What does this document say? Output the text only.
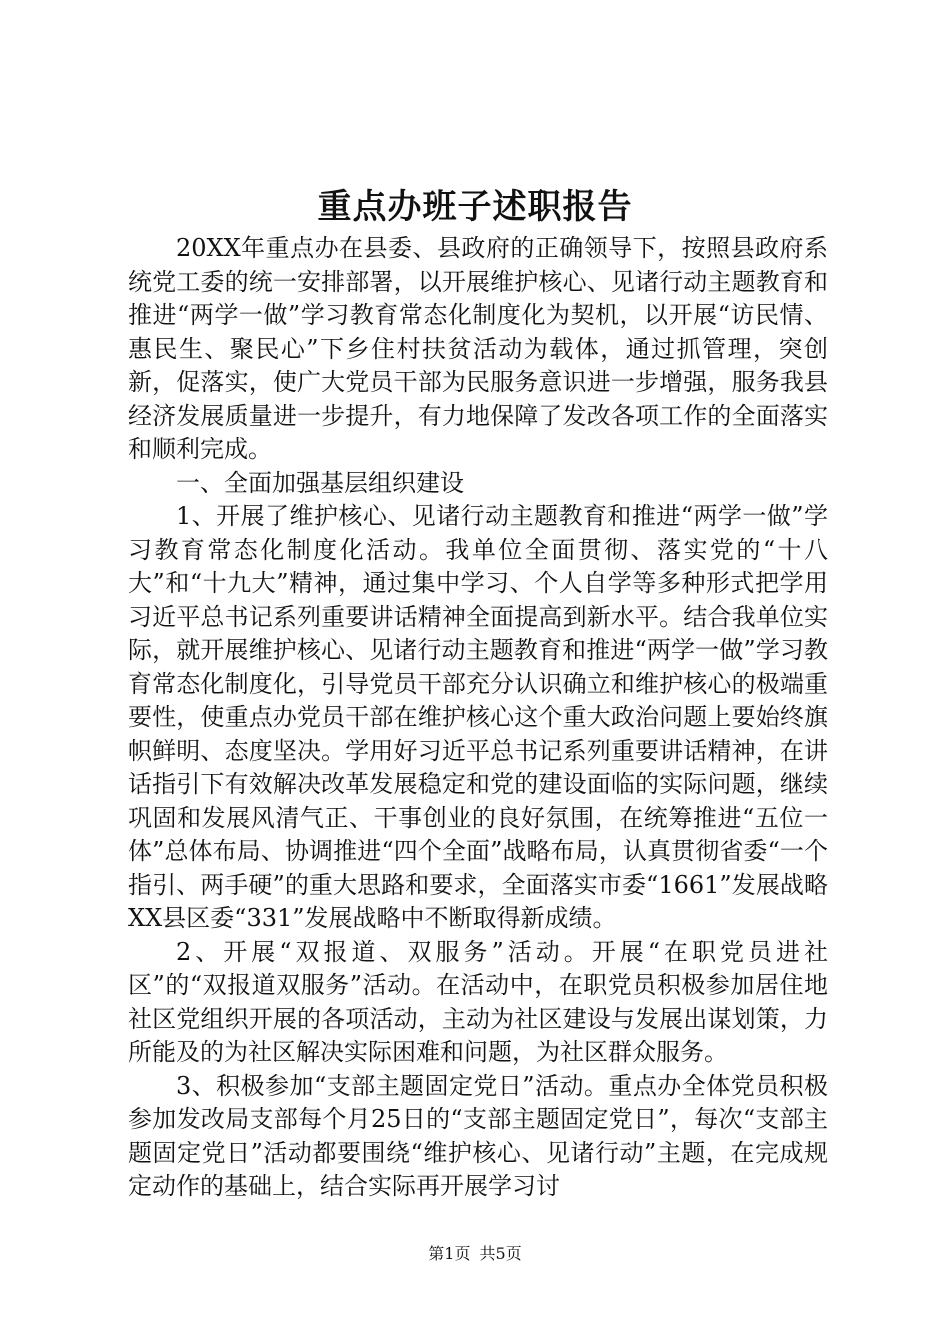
重点办班子述职报告

20XX年重点办在县委、县政府的正确领导下，按照县政府系统党工委的统一安排部署，以开展维护核心、见诸行动主题教育和推进“两学一做”学习教育常态化制度化为契机，以开展“访民情、惠民生、聚民心”下乡住村扶贫活动为载体，通过抓管理，突创新，促落实，使广大党员干部为民服务意识进一步增强，服务我县经济发展质量进一步提升，有力地保障了发改各项工作的全面落实和顺利完成。

一、全面加强基层组织建设

1、开展了维护核心、见诸行动主题教育和推进“两学一做”学习教育常态化制度化活动。我单位全面贯彻、落实党的“十八大”和“十九大”精神，通过集中学习、个人自学等多种形式把学用习近平总书记系列重要讲话精神全面提高到新水平。结合我单位实际，就开展维护核心、见诸行动主题教育和推进“两学一做”学习教育常态化制度化，引导党员干部充分认识确立和维护核心的极端重要性，使重点办党员干部在维护核心这个重大政治问题上要始终旗帜鲜明、态度坚决。学用好习近平总书记系列重要讲话精神，在讲话指引下有效解决改革发展稳定和党的建设面临的实际问题，继续巩固和发展风清气正、干事创业的良好氛围，在统筹推进“五位一体”总体布局、协调推进“四个全面”战略布局，认真贯彻省委“一个指引、两手硬”的重大思路和要求，全面落实市委“1661”发展战略XX县区委“331”发展战略中不断取得新成绩。

2、开展“双报道、双服务”活动。开展“在职党员进社区”的“双报道双服务”活动。在活动中，在职党员积极参加居住地社区党组织开展的各项活动，主动为社区建设与发展出谋划策，力所能及的为社区解决实际困难和问题，为社区群众服务。

3、积极参加“支部主题固定党日”活动。重点办全体党员积极参加发改局支部每个月25日的“支部主题固定党日”，每次“支部主题固定党日”活动都要围绕“维护核心、见诸行动”主题，在完成规定动作的基础上，结合实际再开展学习讨

第1页 共5页
